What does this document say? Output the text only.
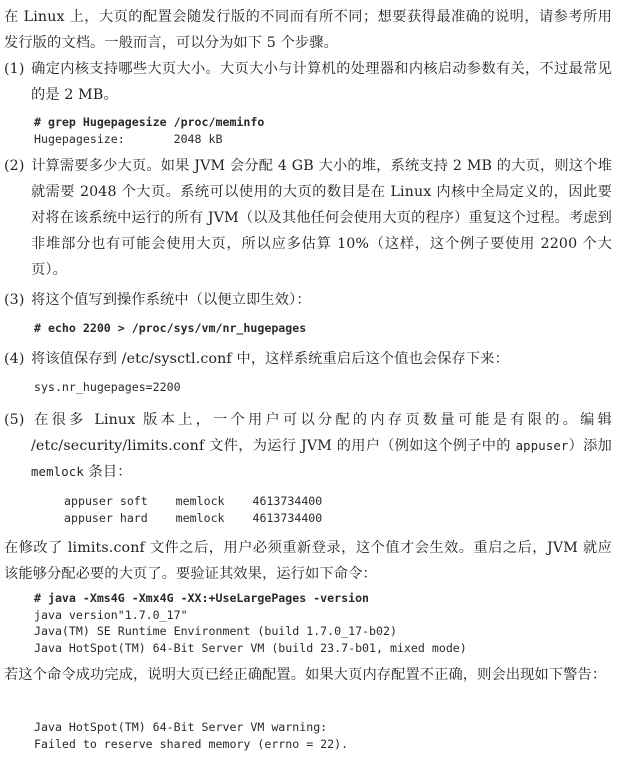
在 Linux 上，大页的配置会随发行版的不同而有所不同；想要获得最准确的说明，请参考所用发行版的文档。一般而言，可以分为如下 5 个步骤。
(1) 确定内核支持哪些大页大小。大页大小与计算机的处理器和内核启动参数有关，不过最常见的是 2 MB。
# grep Hugepagesize /proc/meminfo
Hugepagesize:       2048 kB
(2) 计算需要多少大页。如果 JVM 会分配 4 GB 大小的堆，系统支持 2 MB 的大页，则这个堆就需要 2048 个大页。系统可以使用的大页的数目是在 Linux 内核中全局定义的，因此要对将在该系统中运行的所有 JVM（以及其他任何会使用大页的程序）重复这个过程。考虑到非堆部分也有可能会使用大页，所以应多估算 10%（这样，这个例子要使用 2200 个大页）。
(3) 将这个值写到操作系统中（以便立即生效）：
# echo 2200 > /proc/sys/vm/nr_hugepages
(4) 将该值保存到 /etc/sysctl.conf 中，这样系统重启后这个值也会保存下来：
sys.nr_hugepages=2200
(5) 在很多 Linux 版本上，一个用户可以分配的内存页数量可能是有限的。编辑 /etc/security/limits.conf 文件，为运行 JVM 的用户（例如这个例子中的 appuser）添加memlock 条目：
appuser soft    memlock    4613734400
appuser hard    memlock    4613734400
在修改了 limits.conf 文件之后，用户必须重新登录，这个值才会生效。重启之后，JVM 就应该能够分配必要的大页了。要验证其效果，运行如下命令：
# java -Xms4G -Xmx4G -XX:+UseLargePages -version
java version"1.7.0_17"
Java(TM) SE Runtime Environment (build 1.7.0_17-b02)
Java HotSpot(TM) 64-Bit Server VM (build 23.7-b01, mixed mode)
若这个命令成功完成，说明大页已经正确配置。如果大页内存配置不正确，则会出现如下警告：
Java HotSpot(TM) 64-Bit Server VM warning:
Failed to reserve shared memory (errno = 22).
